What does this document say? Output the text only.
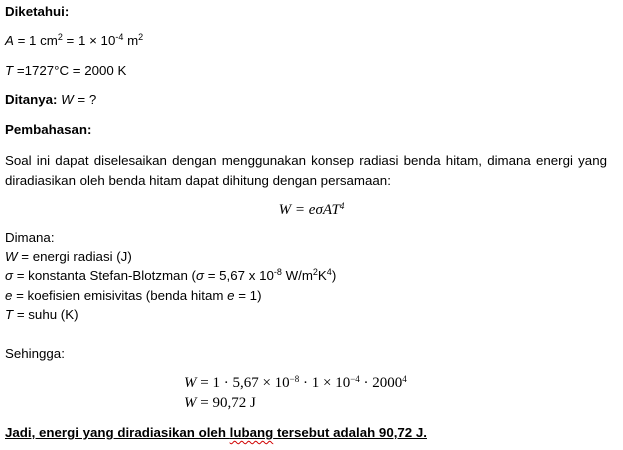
Diketahui:
A = 1 $cm^2 = 1 \times 10^{-4}$ $m^2$
T =1727°C = 2000 K
Ditanya: W = ?
Pembahasan:
Soal ini dapat diselesaikan dengan menggunakan konsep radiasi benda hitam, dimana energi yang diradiasikan oleh benda hitam dapat dihitung dengan persamaan:
W = eσAT$^4$
Dimana:
W = energi radiasi (J)
σ = konstanta Stefan-Blotzman (σ = 5,67 x $10^{-8}$ $W/m^2K^4$)
e = koefisien emisivitas (benda hitam e = 1)
T = suhu (K)
Sehingga:
$W = 1 \cdot 5,67 \times 10^{-8} \cdot 1 \times 10^{-4} \cdot 2000^4$
W = 90,72 J
Jadi, energi yang diradiasikan oleh lubang tersebut adalah 90,72 J.
